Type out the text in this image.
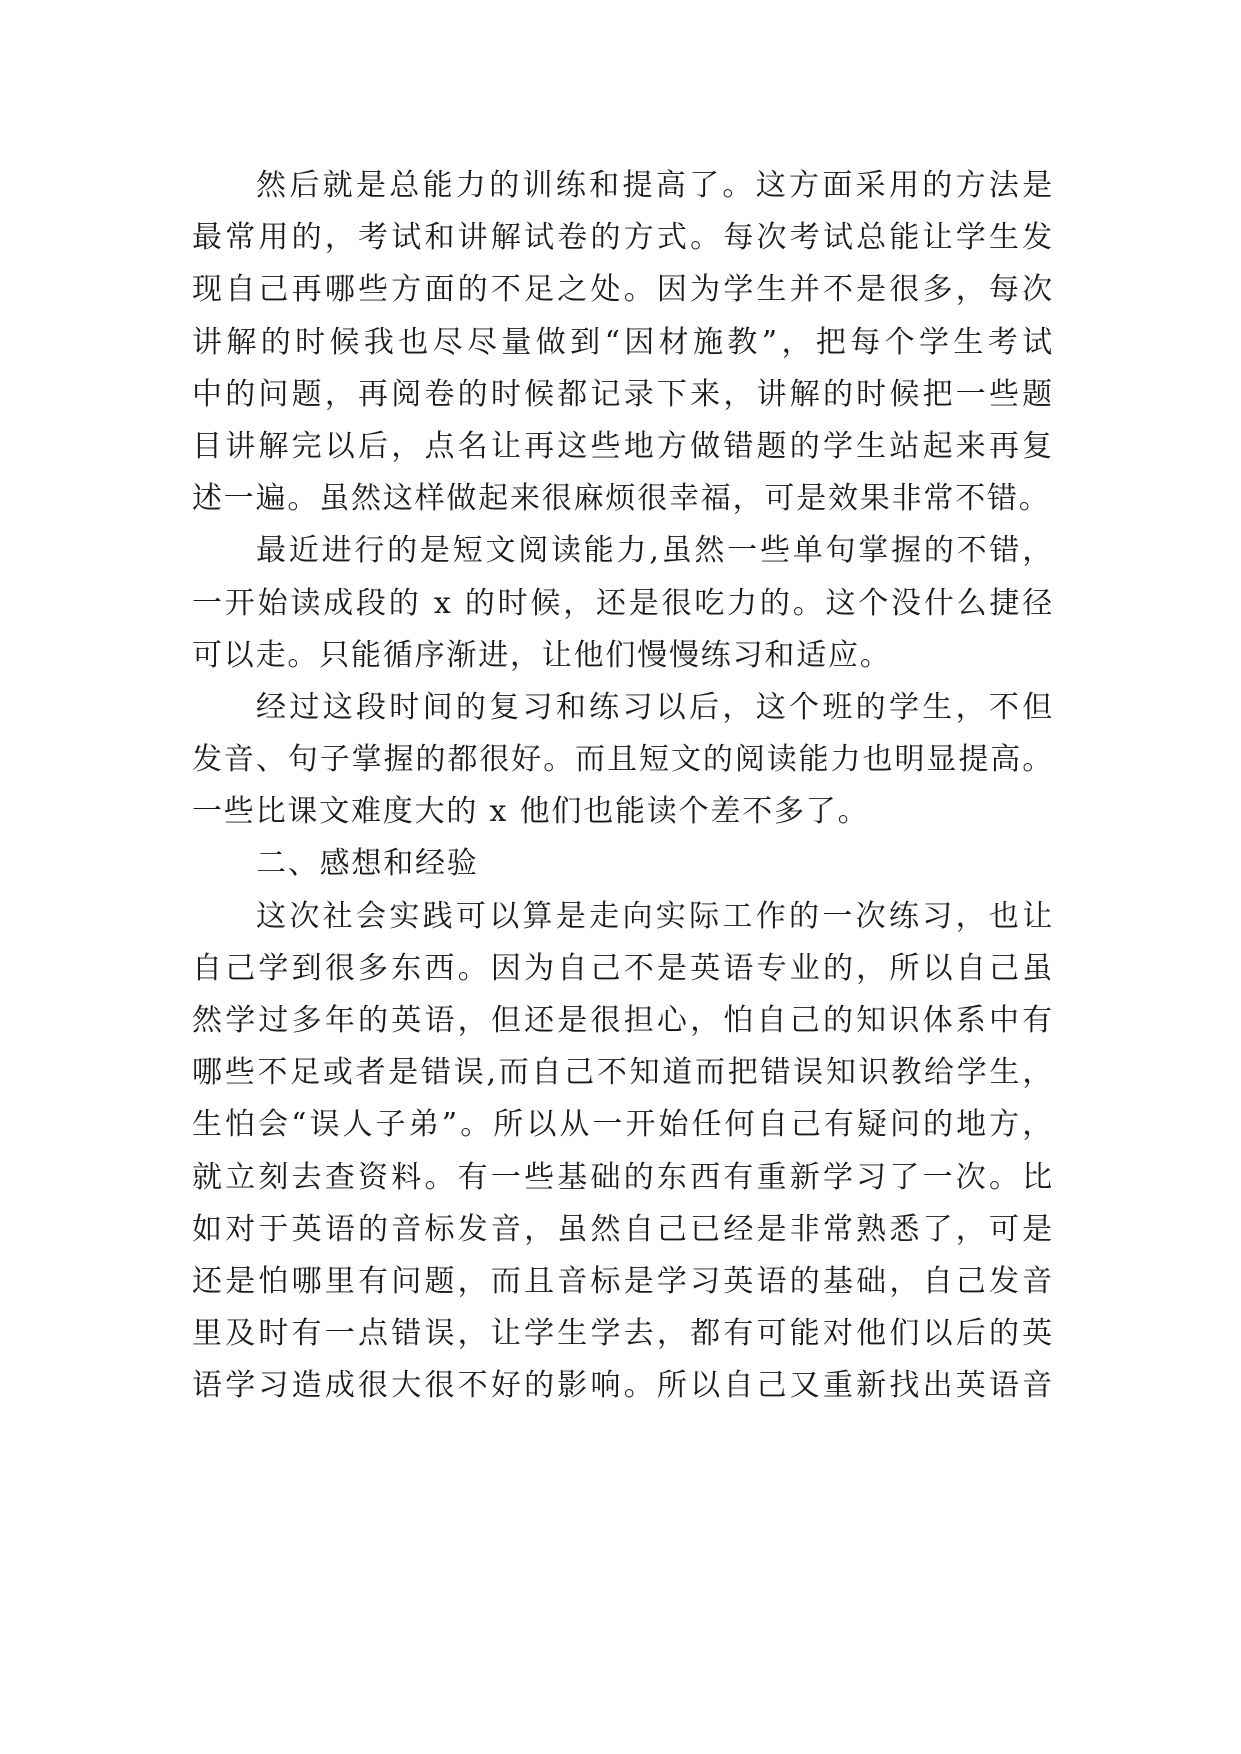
然后就是总能力的训练和提高了。这方面采用的方法是
最常用的，考试和讲解试卷的方式。每次考试总能让学生发
现自己再哪些方面的不足之处。因为学生并不是很多，每次
讲解的时候我也尽尽量做到“因材施教”，把每个学生考试
中的问题，再阅卷的时候都记录下来，讲解的时候把一些题
目讲解完以后，点名让再这些地方做错题的学生站起来再复
述一遍。虽然这样做起来很麻烦很幸福，可是效果非常不错。
最近进行的是短文阅读能力,虽然一些单句掌握的不错，
一开始读成段的 x 的时候，还是很吃力的。这个没什么捷径
可以走。只能循序渐进，让他们慢慢练习和适应。
经过这段时间的复习和练习以后，这个班的学生，不但
发音、句子掌握的都很好。而且短文的阅读能力也明显提高。
一些比课文难度大的 x 他们也能读个差不多了。
二、感想和经验
这次社会实践可以算是走向实际工作的一次练习，也让
自己学到很多东西。因为自己不是英语专业的，所以自己虽
然学过多年的英语，但还是很担心，怕自己的知识体系中有
哪些不足或者是错误,而自己不知道而把错误知识教给学生，
生怕会“误人子弟”。所以从一开始任何自己有疑问的地方，
就立刻去查资料。有一些基础的东西有重新学习了一次。比
如对于英语的音标发音，虽然自己已经是非常熟悉了，可是
还是怕哪里有问题，而且音标是学习英语的基础，自己发音
里及时有一点错误，让学生学去，都有可能对他们以后的英
语学习造成很大很不好的影响。所以自己又重新找出英语音
